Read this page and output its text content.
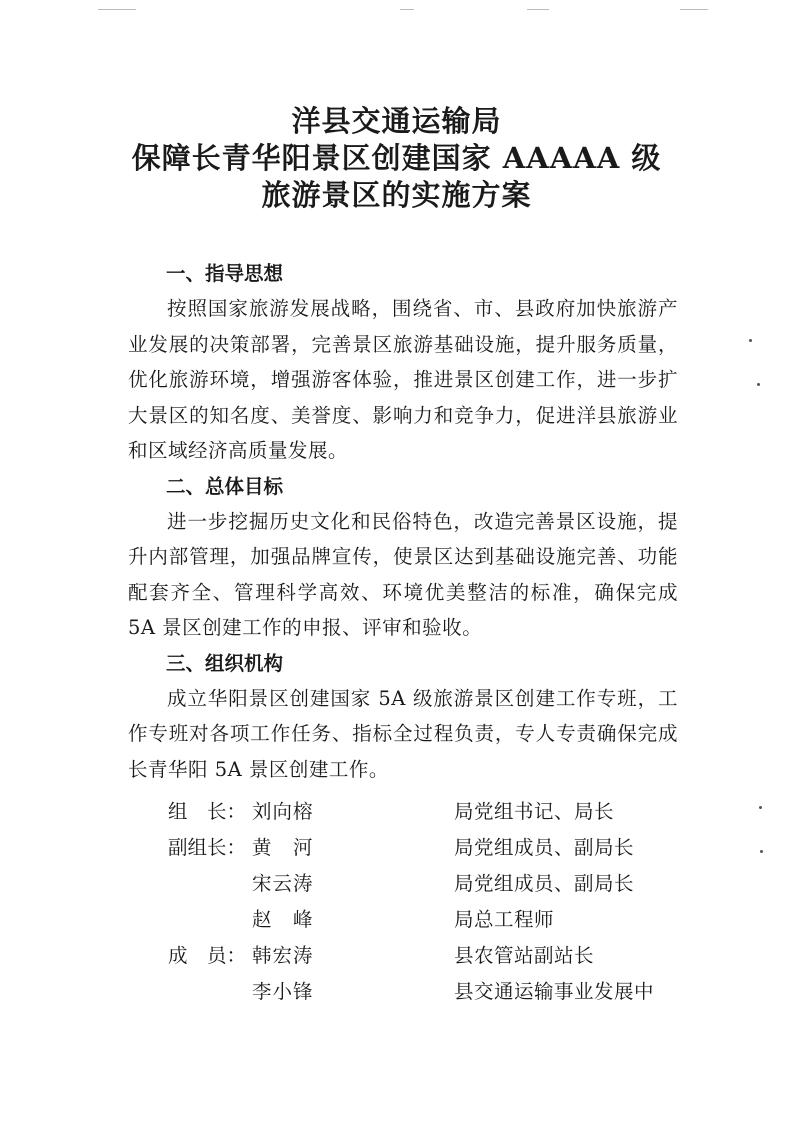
洋县交通运输局
保障长青华阳景区创建国家 AAAAA 级
旅游景区的实施方案
一、指导思想

按照国家旅游发展战略，围绕省、市、县政府加快旅游产业发展的决策部署，完善景区旅游基础设施，提升服务质量，优化旅游环境，增强游客体验，推进景区创建工作，进一步扩大景区的知名度、美誉度、影响力和竞争力，促进洋县旅游业和区域经济高质量发展。

二、总体目标

进一步挖掘历史文化和民俗特色，改造完善景区设施，提升内部管理，加强品牌宣传，使景区达到基础设施完善、功能配套齐全、管理科学高效、环境优美整洁的标准，确保完成 5A 景区创建工作的申报、评审和验收。

三、组织机构

成立华阳景区创建国家 5A 级旅游景区创建工作专班，工作专班对各项工作任务、指标全过程负责，专人专责确保完成长青华阳 5A 景区创建工作。

组　长： 刘向榕	局党组书记、局长
副组长： 黄　河	局党组成员、副局长
宋云涛	局党组成员、副局长
赵　峰	局总工程师
成　员： 韩宏涛	县农管站副站长
李小锋	县交通运输事业发展中
